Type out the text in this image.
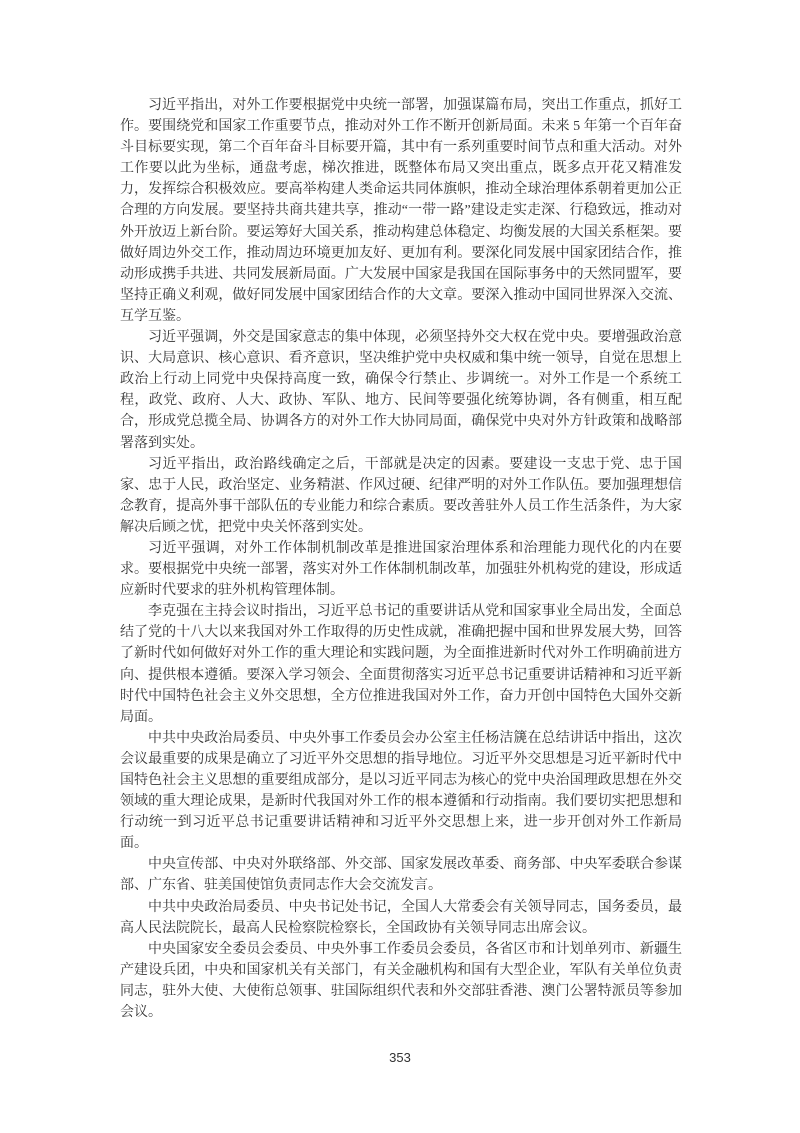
习近平指出，对外工作要根据党中央统一部署，加强谋篇布局，突出工作重点，抓好工作。要围绕党和国家工作重要节点，推动对外工作不断开创新局面。未来 5 年第一个百年奋斗目标要实现，第二个百年奋斗目标要开篇，其中有一系列重要时间节点和重大活动。对外工作要以此为坐标，通盘考虑，梯次推进，既整体布局又突出重点，既多点开花又精准发力，发挥综合积极效应。要高举构建人类命运共同体旗帜，推动全球治理体系朝着更加公正合理的方向发展。要坚持共商共建共享，推动“一带一路”建设走实走深、行稳致远，推动对外开放迈上新台阶。要运筹好大国关系，推动构建总体稳定、均衡发展的大国关系框架。要做好周边外交工作，推动周边环境更加友好、更加有利。要深化同发展中国家团结合作，推动形成携手共进、共同发展新局面。广大发展中国家是我国在国际事务中的天然同盟军，要坚持正确义利观，做好同发展中国家团结合作的大文章。要深入推动中国同世界深入交流、互学互鉴。

习近平强调，外交是国家意志的集中体现，必须坚持外交大权在党中央。要增强政治意识、大局意识、核心意识、看齐意识，坚决维护党中央权威和集中统一领导，自觉在思想上政治上行动上同党中央保持高度一致，确保令行禁止、步调统一。对外工作是一个系统工程，政党、政府、人大、政协、军队、地方、民间等要强化统筹协调，各有侧重，相互配合，形成党总揽全局、协调各方的对外工作大协同局面，确保党中央对外方针政策和战略部署落到实处。

习近平指出，政治路线确定之后，干部就是决定的因素。要建设一支忠于党、忠于国家、忠于人民，政治坚定、业务精湛、作风过硬、纪律严明的对外工作队伍。要加强理想信念教育，提高外事干部队伍的专业能力和综合素质。要改善驻外人员工作生活条件，为大家解决后顾之忧，把党中央关怀落到实处。

习近平强调，对外工作体制机制改革是推进国家治理体系和治理能力现代化的内在要求。要根据党中央统一部署，落实对外工作体制机制改革，加强驻外机构党的建设，形成适应新时代要求的驻外机构管理体制。

李克强在主持会议时指出，习近平总书记的重要讲话从党和国家事业全局出发，全面总结了党的十八大以来我国对外工作取得的历史性成就，准确把握中国和世界发展大势，回答了新时代如何做好对外工作的重大理论和实践问题，为全面推进新时代对外工作明确前进方向、提供根本遵循。要深入学习领会、全面贯彻落实习近平总书记重要讲话精神和习近平新时代中国特色社会主义外交思想，全方位推进我国对外工作，奋力开创中国特色大国外交新局面。

中共中央政治局委员、中央外事工作委员会办公室主任杨洁篪在总结讲话中指出，这次会议最重要的成果是确立了习近平外交思想的指导地位。习近平外交思想是习近平新时代中国特色社会主义思想的重要组成部分，是以习近平同志为核心的党中央治国理政思想在外交领域的重大理论成果，是新时代我国对外工作的根本遵循和行动指南。我们要切实把思想和行动统一到习近平总书记重要讲话精神和习近平外交思想上来，进一步开创对外工作新局面。

中央宣传部、中央对外联络部、外交部、国家发展改革委、商务部、中央军委联合参谋部、广东省、驻美国使馆负责同志作大会交流发言。

中共中央政治局委员、中央书记处书记，全国人大常委会有关领导同志，国务委员，最高人民法院院长，最高人民检察院检察长，全国政协有关领导同志出席会议。

中央国家安全委员会委员、中央外事工作委员会委员，各省区市和计划单列市、新疆生产建设兵团，中央和国家机关有关部门，有关金融机构和国有大型企业，军队有关单位负责同志，驻外大使、大使衔总领事、驻国际组织代表和外交部驻香港、澳门公署特派员等参加会议。

353
